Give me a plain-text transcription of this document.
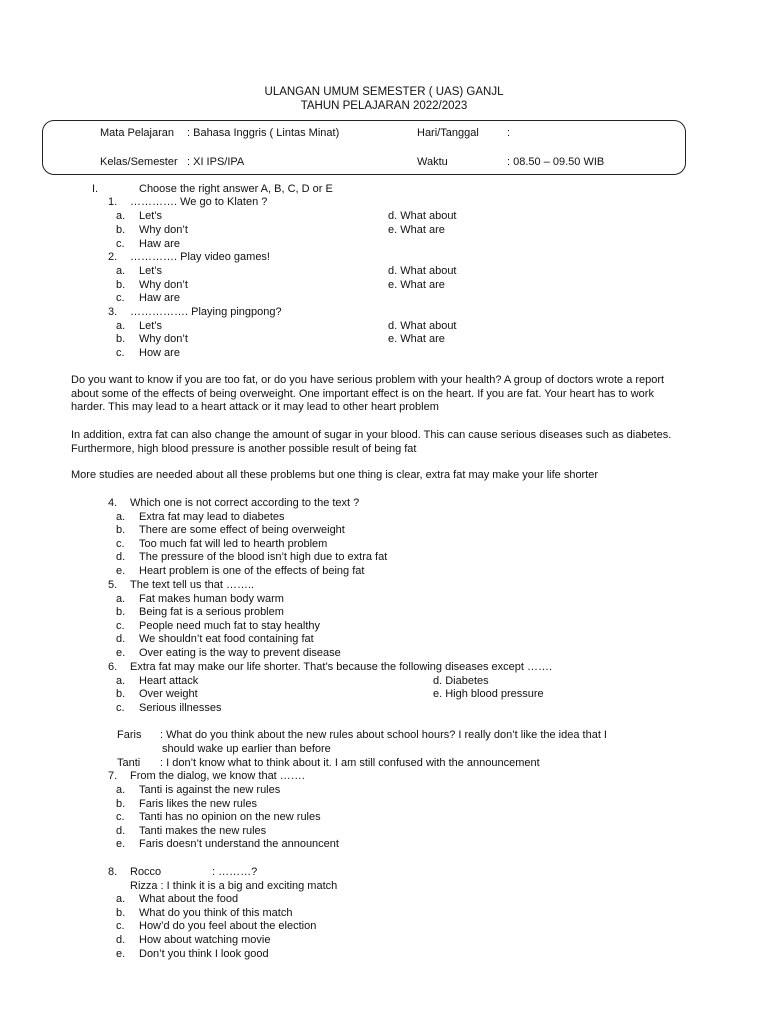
ULANGAN UMUM SEMESTER ( UAS) GANJL
TAHUN PELAJARAN 2022/2023
Mata Pelajaran : Bahasa Inggris ( Lintas Minat)	Hari/Tanggal	:
Kelas/Semester : XI IPS/IPA	Waktu	: 08.50 – 09.50 WIB
I.	Choose the right answer A, B, C, D or E
1. …………. We go to Klaten ?
a. Let’s
b. Why don’t
c. Haw are
d. What about
e. What are
2. …………. Play video games!
a. Let’s
b. Why don’t
c. Haw are
d. What about
e. What are
3. ……………. Playing pingpong?
a. Let’s
b. Why don’t
c. How are
d. What about
e. What are
Do you want to know if you are too fat, or do you have serious problem with your health? A group of doctors wrote a report about some of the effects of being overweight. One important effect is on the heart. If you are fat. Your heart has to work harder. This may lead to a heart attack or it may lead to other heart problem
In addition, extra fat can also change the amount of sugar in your blood. This can cause serious diseases such as diabetes. Furthermore, high blood pressure is another possible result of being fat
More studies are needed about all these problems but one thing is clear, extra fat may make your life shorter
4. Which one is not correct according to the text ?
a. Extra fat may lead to diabetes
b. There are some effect of being overweight
c. Too much fat will led to hearth problem
d. The pressure of the blood isn’t high due to extra fat
e. Heart problem is one of the effects of being fat
5. The text tell us that ……..
a. Fat makes human body warm
b. Being fat is a serious problem
c. People need much fat to stay healthy
d. We shouldn’t eat food containing fat
e. Over eating is the way to prevent disease
6. Extra fat may make our life shorter. That’s because the following diseases except …….
a. Heart attack
b. Over weight
c. Serious illnesses
d. Diabetes
e. High blood pressure
Faris : What do you think about the new rules about school hours? I really don’t like the idea that I
should wake up earlier than before
Tanti : I don’t know what to think about it. I am still confused with the announcement
7. From the dialog, we know that …….
a. Tanti is against the new rules
b. Faris likes the new rules
c. Tanti has no opinion on the new rules
d. Tanti makes the new rules
e. Faris doesn’t understand the announcent
8. Rocco	: ………?
Rizza : I think it is a big and exciting match
a. What about the food
b. What do you think of this match
c. How’d do you feel about the election
d. How about watching movie
e. Don’t you think I look good
